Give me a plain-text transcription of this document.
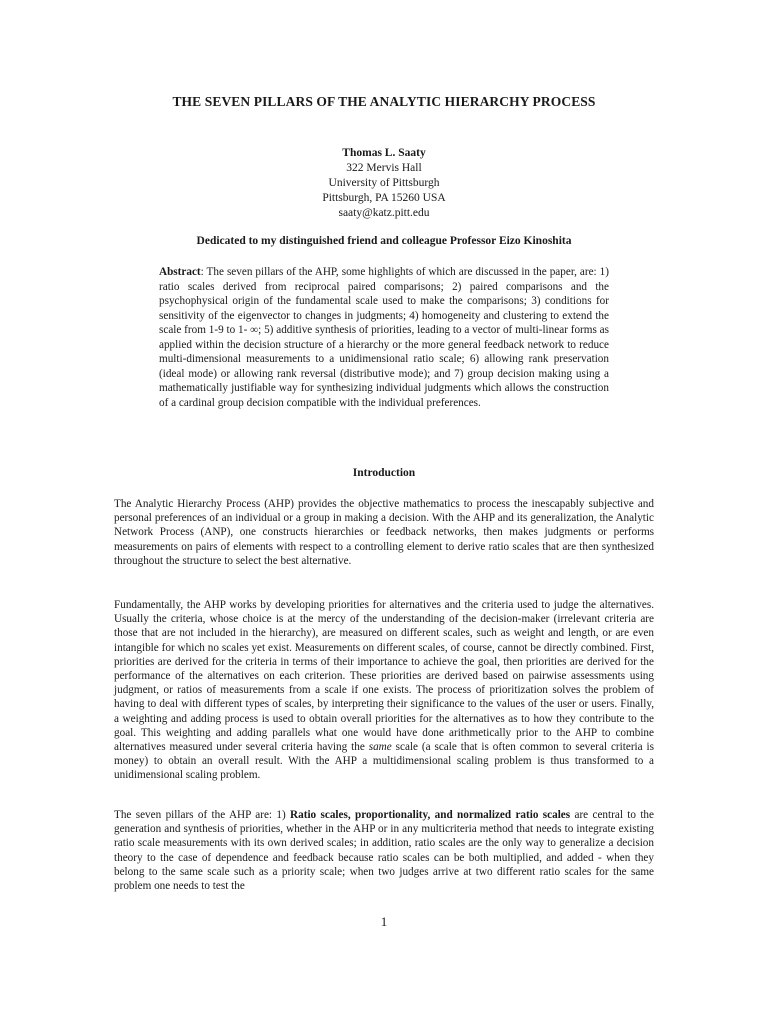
THE SEVEN PILLARS OF THE ANALYTIC HIERARCHY PROCESS
Thomas L. Saaty
322 Mervis Hall
University of Pittsburgh
Pittsburgh, PA 15260 USA
saaty@katz.pitt.edu
Dedicated to my distinguished friend and colleague Professor Eizo Kinoshita
Abstract: The seven pillars of the AHP, some highlights of which are discussed in the paper, are: 1) ratio scales derived from reciprocal paired comparisons; 2) paired comparisons and the psychophysical origin of the fundamental scale used to make the comparisons; 3) conditions for sensitivity of the eigenvector to changes in judgments; 4) homogeneity and clustering to extend the scale from 1-9 to 1- ∞; 5) additive synthesis of priorities, leading to a vector of multi-linear forms as applied within the decision structure of a hierarchy or the more general feedback network to reduce multi-dimensional measurements to a unidimensional ratio scale; 6) allowing rank preservation (ideal mode) or allowing rank reversal (distributive mode); and 7) group decision making using a mathematically justifiable way for synthesizing individual judgments which allows the construction of a cardinal group decision compatible with the individual preferences.
Introduction
The Analytic Hierarchy Process (AHP) provides the objective mathematics to process the inescapably subjective and personal preferences of an individual or a group in making a decision. With the AHP and its generalization, the Analytic Network Process (ANP), one constructs hierarchies or feedback networks, then makes judgments or performs measurements on pairs of elements with respect to a controlling element to derive ratio scales that are then synthesized throughout the structure to select the best alternative.
Fundamentally, the AHP works by developing priorities for alternatives and the criteria used to judge the alternatives. Usually the criteria, whose choice is at the mercy of the understanding of the decision-maker (irrelevant criteria are those that are not included in the hierarchy), are measured on different scales, such as weight and length, or are even intangible for which no scales yet exist. Measurements on different scales, of course, cannot be directly combined. First, priorities are derived for the criteria in terms of their importance to achieve the goal, then priorities are derived for the performance of the alternatives on each criterion. These priorities are derived based on pairwise assessments using judgment, or ratios of measurements from a scale if one exists. The process of prioritization solves the problem of having to deal with different types of scales, by interpreting their significance to the values of the user or users. Finally, a weighting and adding process is used to obtain overall priorities for the alternatives as to how they contribute to the goal. This weighting and adding parallels what one would have done arithmetically prior to the AHP to combine alternatives measured under several criteria having the same scale (a scale that is often common to several criteria is money) to obtain an overall result. With the AHP a multidimensional scaling problem is thus transformed to a unidimensional scaling problem.
The seven pillars of the AHP are: 1) Ratio scales, proportionality, and normalized ratio scales are central to the generation and synthesis of priorities, whether in the AHP or in any multicriteria method that needs to integrate existing ratio scale measurements with its own derived scales; in addition, ratio scales are the only way to generalize a decision theory to the case of dependence and feedback because ratio scales can be both multiplied, and added - when they belong to the same scale such as a priority scale; when two judges arrive at two different ratio scales for the same problem one needs to test the
1
